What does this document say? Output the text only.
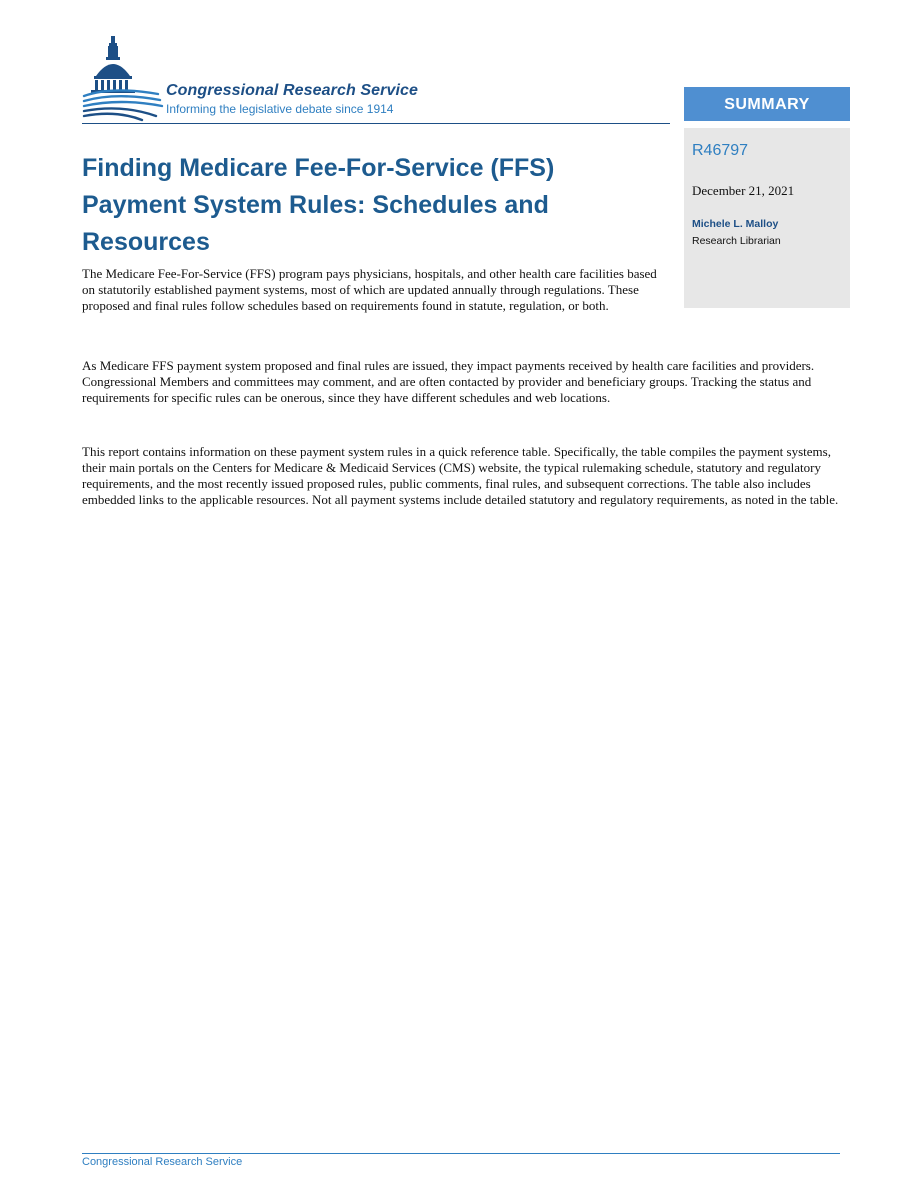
Congressional Research Service
Informing the legislative debate since 1914	SUMMARY
R46797
December 21, 2021
Michele L. Malloy
Research Librarian
Finding Medicare Fee-For-Service (FFS) Payment System Rules: Schedules and Resources

The Medicare Fee-For-Service (FFS) program pays physicians, hospitals, and other health care facilities based on statutorily established payment systems, most of which are updated annually through regulations. These proposed and final rules follow schedules based on requirements found in statute, regulation, or both.

As Medicare FFS payment system proposed and final rules are issued, they impact payments received by health care facilities and providers. Congressional Members and committees may comment, and are often contacted by provider and beneficiary groups. Tracking the status and requirements for specific rules can be onerous, since they have different schedules and web locations.

This report contains information on these payment system rules in a quick reference table. Specifically, the table compiles the payment systems, their main portals on the Centers for Medicare & Medicaid Services (CMS) website, the typical rulemaking schedule, statutory and regulatory requirements, and the most recently issued proposed rules, public comments, final rules, and subsequent corrections. The table also includes embedded links to the applicable resources. Not all payment systems include detailed statutory and regulatory requirements, as noted in the table.

Congressional Research Service
